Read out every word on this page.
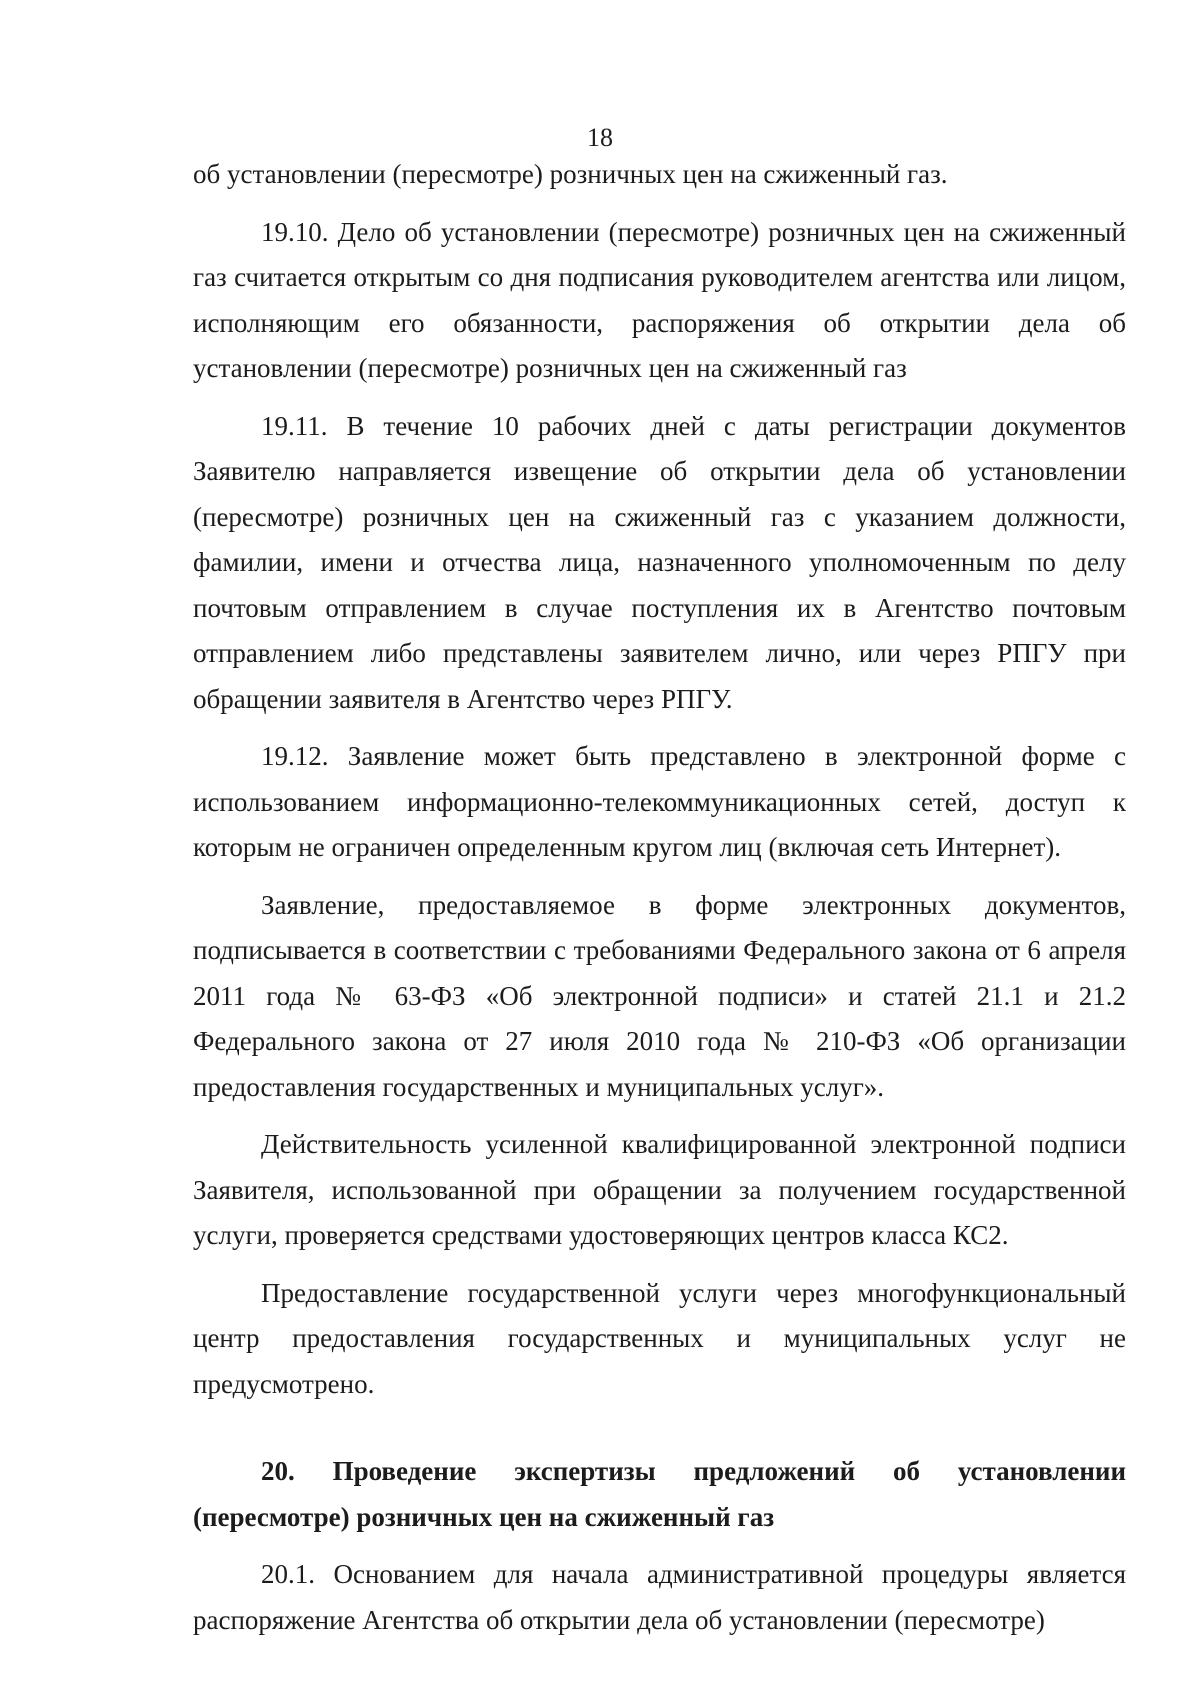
18

об установлении (пересмотре) розничных цен на сжиженный газ.

19.10. Дело об установлении (пересмотре) розничных цен на сжиженный газ считается открытым со дня подписания руководителем агентства или лицом, исполняющим его обязанности, распоряжения об открытии дела об установлении (пересмотре) розничных цен на сжиженный газ

19.11. В течение 10 рабочих дней с даты регистрации документов Заявителю направляется извещение об открытии дела об установлении (пересмотре) розничных цен на сжиженный газ с указанием должности, фамилии, имени и отчества лица, назначенного уполномоченным по делу почтовым отправлением в случае поступления их в Агентство почтовым отправлением либо представлены заявителем лично, или через РПГУ при обращении заявителя в Агентство через РПГУ.

19.12. Заявление может быть представлено в электронной форме с использованием информационно-телекоммуникационных сетей, доступ к которым не ограничен определенным кругом лиц (включая сеть Интернет).

Заявление, предоставляемое в форме электронных документов, подписывается в соответствии с требованиями Федерального закона от 6 апреля 2011 года № 63-ФЗ «Об электронной подписи» и статей 21.1 и 21.2 Федерального закона от 27 июля 2010 года № 210-ФЗ «Об организации предоставления государственных и муниципальных услуг».

Действительность усиленной квалифицированной электронной подписи Заявителя, использованной при обращении за получением государственной услуги, проверяется средствами удостоверяющих центров класса КС2.

Предоставление государственной услуги через многофункциональный центр предоставления государственных и муниципальных услуг не предусмотрено.

20. Проведение экспертизы предложений об установлении (пересмотре) розничных цен на сжиженный газ

20.1. Основанием для начала административной процедуры является распоряжение Агентства об открытии дела об установлении (пересмотре)
